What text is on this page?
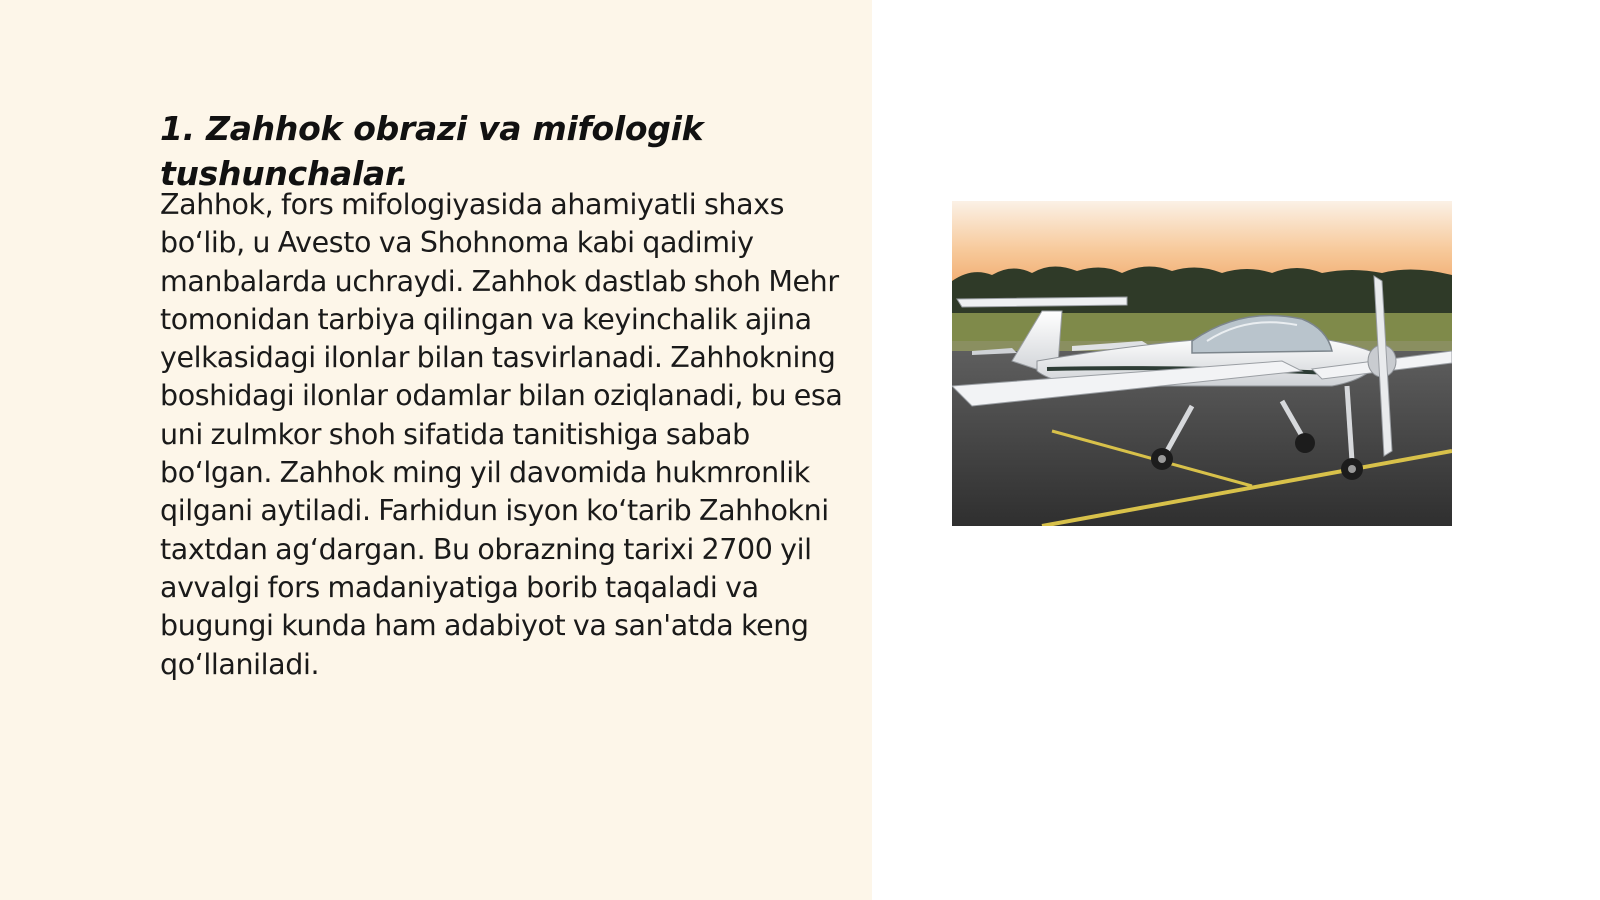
1. Zahhok obrazi va mifologik tushunchalar.

Zahhok, fors mifologiyasida ahamiyatli shaxs bo‘lib, u Avesto va Shohnoma kabi qadimiy manbalarda uchraydi. Zahhok dastlab shoh Mehr tomonidan tarbiya qilingan va keyinchalik ajina yelkasidagi ilonlar bilan tasvirlanadi. Zahhokning boshidagi ilonlar odamlar bilan oziqlanadi, bu esa uni zulmkor shoh sifatida tanitishiga sabab bo‘lgan. Zahhok ming yil davomida hukmronlik qilgani aytiladi. Farhidun isyon ko‘tarib Zahhokni taxtdan ag‘dargan. Bu obrazning tarixi 2700 yil avvalgi fors madaniyatiga borib taqaladi va bugungi kunda ham adabiyot va san'atda keng qo‘llaniladi.
